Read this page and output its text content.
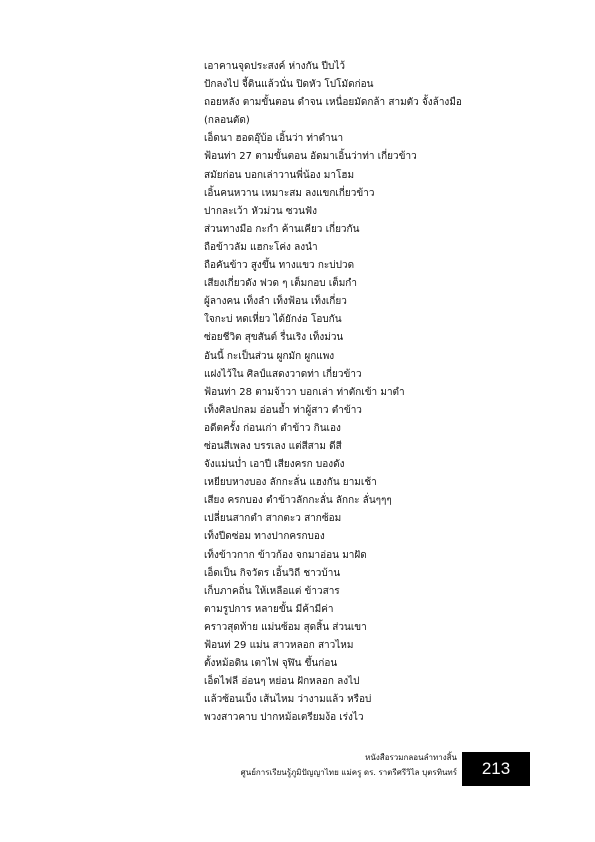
เอาคานจุดประสงค์ ห่างกัน ปีบไว้
ปักลงไป จี้ดินแล้วนั่น ปิดหัว โปโมัดก่อน
ถอยหลัง ตามขั้นตอน ดำจน เหนื่อยมัดกล้า สามตัว จั้งล้างมือ
(กลอนตัด)
เอ็ดนา ฮอดอุ๊บ้อ เอิ้นว่า ท่าดำนา
ฟ้อนท่า 27 ตามขั้นตอน อัดมาเอิ้นว่าท่า เกี่ยวข้าว
สมัยก่อน บอกเล่าวานพี่น้อง มาโฮม
เอิ้นคนหวาน เหมาะสม ลงแขกเกี่ยวข้าว
ปากละเว้า หัวม่วน ซวนฟัง
ส่วนทางมือ กะกำ ค้านเคียว เกี่ยวกัน
ถือข้าวลัม แฮกะโค่ง ลงนำ
ถือคันข้าว สูงขึ้น ทางแขว กะบ่ปวด
เสียงเกี่ยวดัง ฟวด ๆ เต็มกอบ เต็มกำ
ผู้ลางคน เท็งลำ เท็งฟ้อน เท็งเกี่ยว
ใจกะบ่ หดเหี่ยว ได้ยักง่อ โอบกัน
ซ่อยชีวิต สุขสันต์ รื่นเริง เท็งม่วน
อันนี้ กะเป็นส่วน ผูกมัก ผูกแพง
แฝงไว้ใน ศิลป์แสดงวาดท่า เกี่ยวข้าว
ฟ้อนท่า 28 ตามจ้าวา บอกเล่า ท่าตักเข้า มาตำ
เท็งศิลปกลม อ่อนย้ำ ท่าผู้สาว ตำข้าว
อดีตครั้ง ก่อนเก่า ตำข้าว กินเอง
ซ่อนสีเพลง บรรเลง แต่สีสาม ดีสี
จังแม่นบ่ำ เอาปี เสียงครก บองดัง
เหยียบหางบอง ลักกะลั่น แฮงกัน ยามเช้า
เสียง ครกบอง ตำข้าวลักกะลั่น ลักกะ ลั่นๆๆๆ
เปลี่ยนสากตำ สากตะว สากซ้อม
เท็งปีดซ่อม ทางปากครกบอง
เท็งข้าวกาก ข้าวก้อง จกมาอ่อน มาฝัด
เอ็ดเป็น กิจวัตร เอิ้นวิถี ชาวบ้าน
เก็บภาคถิ่น ให้เหลือแต่ ข้าวสาร
ตามรูปการ หลายขั้น มีค้ามีค่า
คราวสุดท้าย แม่นซ้อม สุดสิ้น ส่วนเขา
ฟ้อนท่ 29 แม่น สาวหลอก สาวไหม
ตั้งหม้อดิน เตาไฟ จุฬิน ขึ้นก่อน
เอ็ดไฟลี อ่อนๆ หย่อน ฝักหลอก ลงไป
แล้วซ้อนเบ็ง เส้นไหม ว่างามแล้ว หรือบ่
พวงสาวคาบ ปากหม้อเตรียมง้อ เร่งไว
หนังสือรวมกลอนลำทางสิ้น
ศูนย์การเรียนรู้ภูมิปัญญาไทย แม่ครู ดร. ราตรีศรีวิไล บุตรทินทร์ 213
